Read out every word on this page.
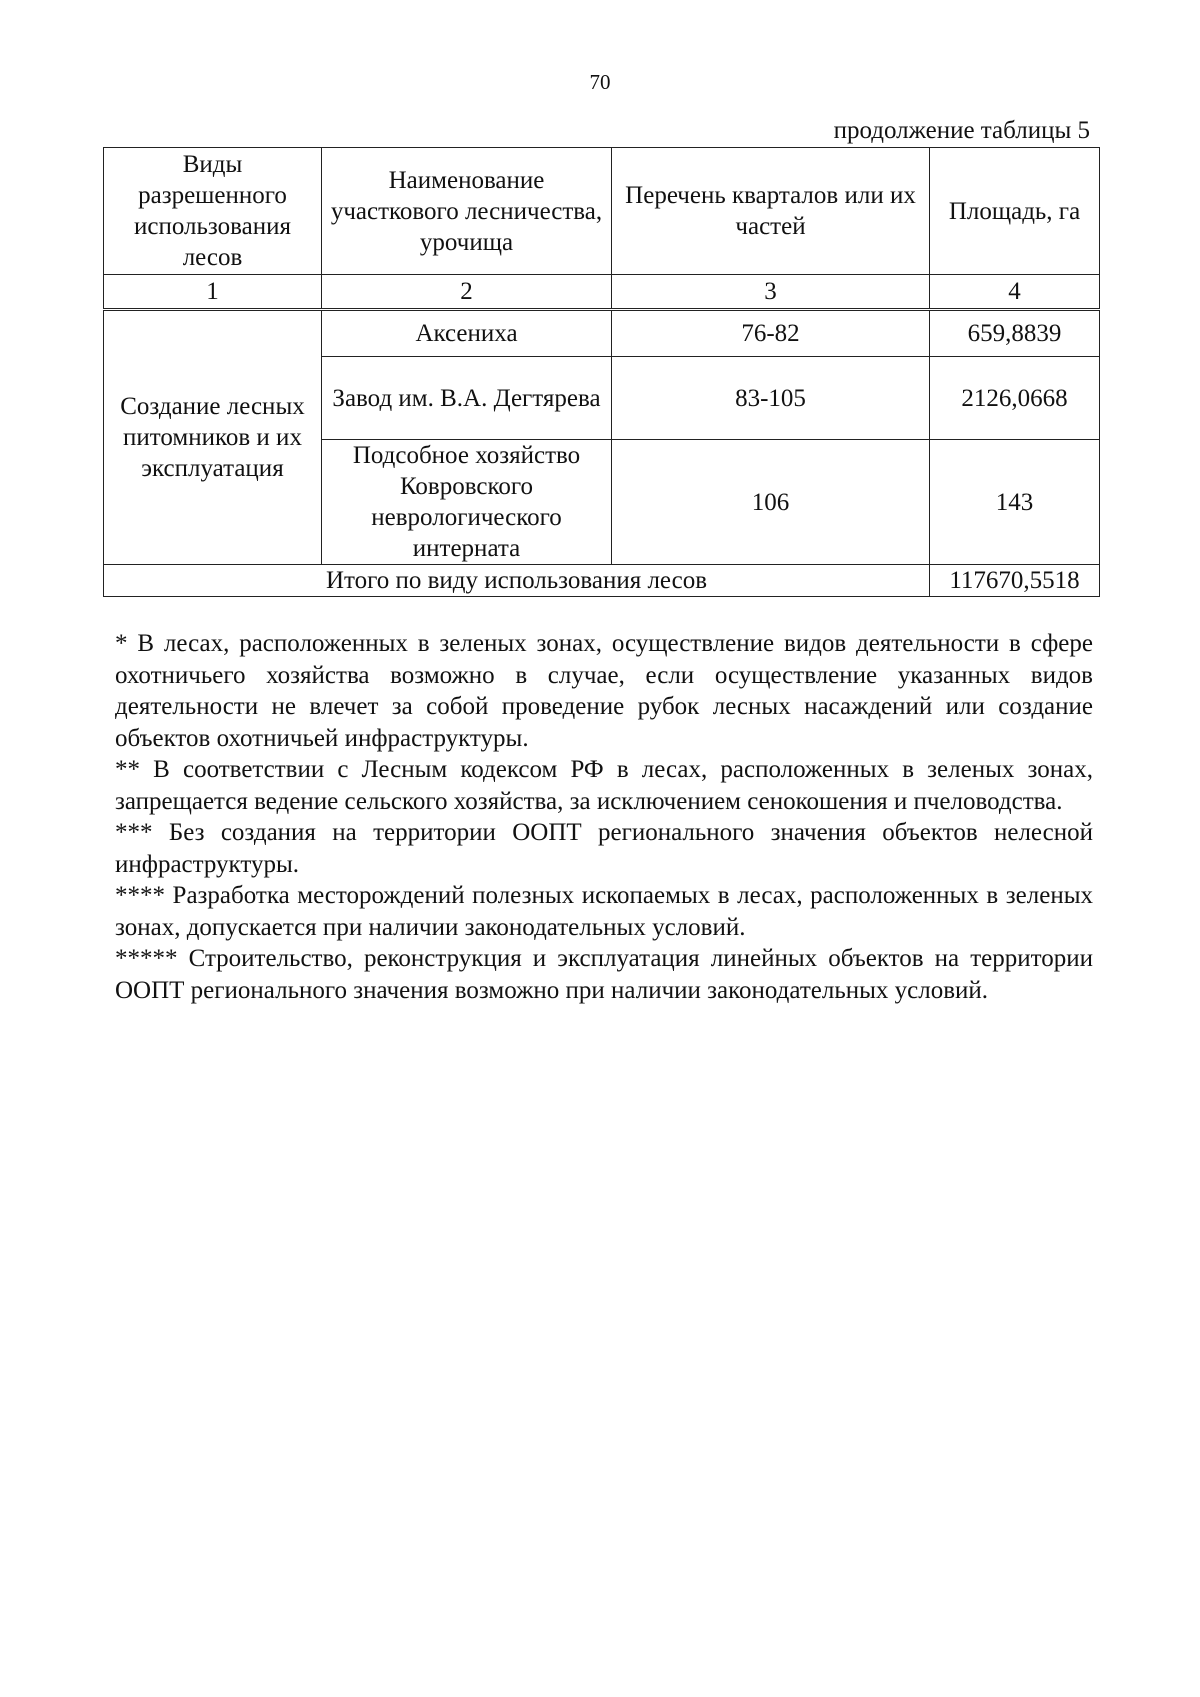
70
продолжение таблицы 5
Виды разрешенного использования лесов	Наименование участкового лесничества, урочища	Перечень кварталов или их частей	Площадь, га
1	2	3	4
Создание лесных питомников и их эксплуатация	Аксениха	76-82	659,8839
	Завод им. В.А. Дегтярева	83-105	2126,0668
	Подсобное хозяйство Ковровского неврологического интерната	106	143
Итого по виду использования лесов			117670,5518

* В лесах, расположенных в зеленых зонах, осуществление видов деятельности в сфере охотничьего хозяйства возможно в случае, если осуществление указанных видов деятельности не влечет за собой проведение рубок лесных насаждений или создание объектов охотничьей инфраструктуры.

** В соответствии с Лесным кодексом РФ в лесах, расположенных в зеленых зонах, запрещается ведение сельского хозяйства, за исключением сенокошения и пчеловодства.

*** Без создания на территории ООПТ регионального значения объектов нелесной инфраструктуры.

**** Разработка месторождений полезных ископаемых в лесах, расположенных в зеленых зонах, допускается при наличии законодательных условий.

***** Строительство, реконструкция и эксплуатация линейных объектов на территории ООПТ регионального значения возможно при наличии законодательных условий.
